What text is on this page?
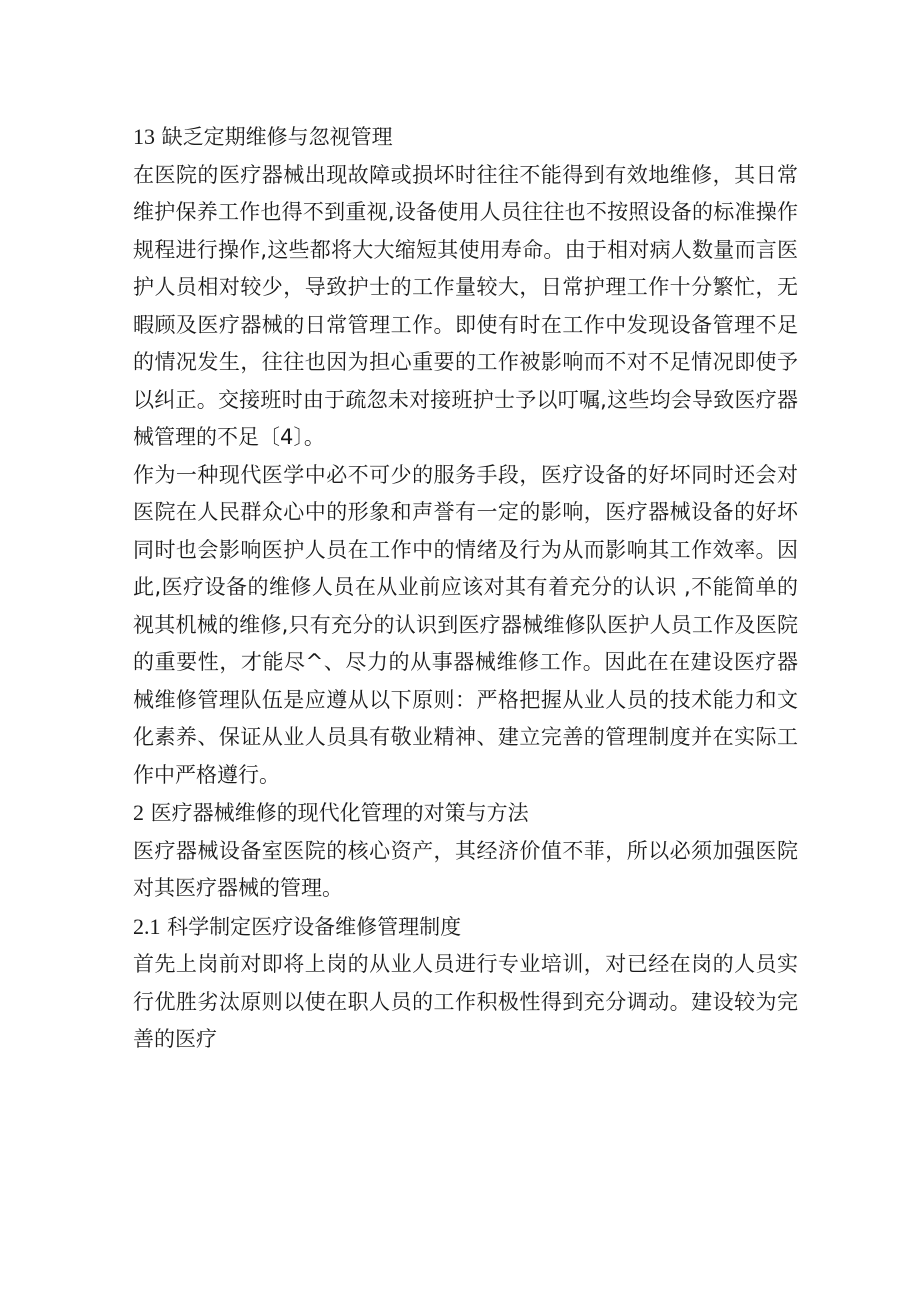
13 缺乏定期维修与忽视管理

在医院的医疗器械出现故障或损坏时往往不能得到有效地维修，其日常维护保养工作也得不到重视,设备使用人员往往也不按照设备的标准操作规程进行操作,这些都将大大缩短其使用寿命。由于相对病人数量而言医护人员相对较少，导致护士的工作量较大，日常护理工作十分繁忙，无暇顾及医疗器械的日常管理工作。即使有时在工作中发现设备管理不足的情况发生，往往也因为担心重要的工作被影响而不对不足情况即使予以纠正。交接班时由于疏忽未对接班护士予以叮嘱,这些均会导致医疗器械管理的不足〔4〕。

作为一种现代医学中必不可少的服务手段，医疗设备的好坏同时还会对医院在人民群众心中的形象和声誉有一定的影响，医疗器械设备的好坏同时也会影响医护人员在工作中的情绪及行为从而影响其工作效率。因此,医疗设备的维修人员在从业前应该对其有着充分的认识 ,不能简单的视其机械的维修,只有充分的认识到医疗器械维修队医护人员工作及医院的重要性，才能尽^、尽力的从事器械维修工作。因此在在建设医疗器械维修管理队伍是应遵从以下原则：严格把握从业人员的技术能力和文化素养、保证从业人员具有敬业精神、建立完善的管理制度并在实际工作中严格遵行。

2 医疗器械维修的现代化管理的对策与方法

医疗器械设备室医院的核心资产，其经济价值不菲，所以必须加强医院对其医疗器械的管理。

2.1 科学制定医疗设备维修管理制度

首先上岗前对即将上岗的从业人员进行专业培训，对已经在岗的人员实行优胜劣汰原则以使在职人员的工作积极性得到充分调动。建设较为完善的医疗
